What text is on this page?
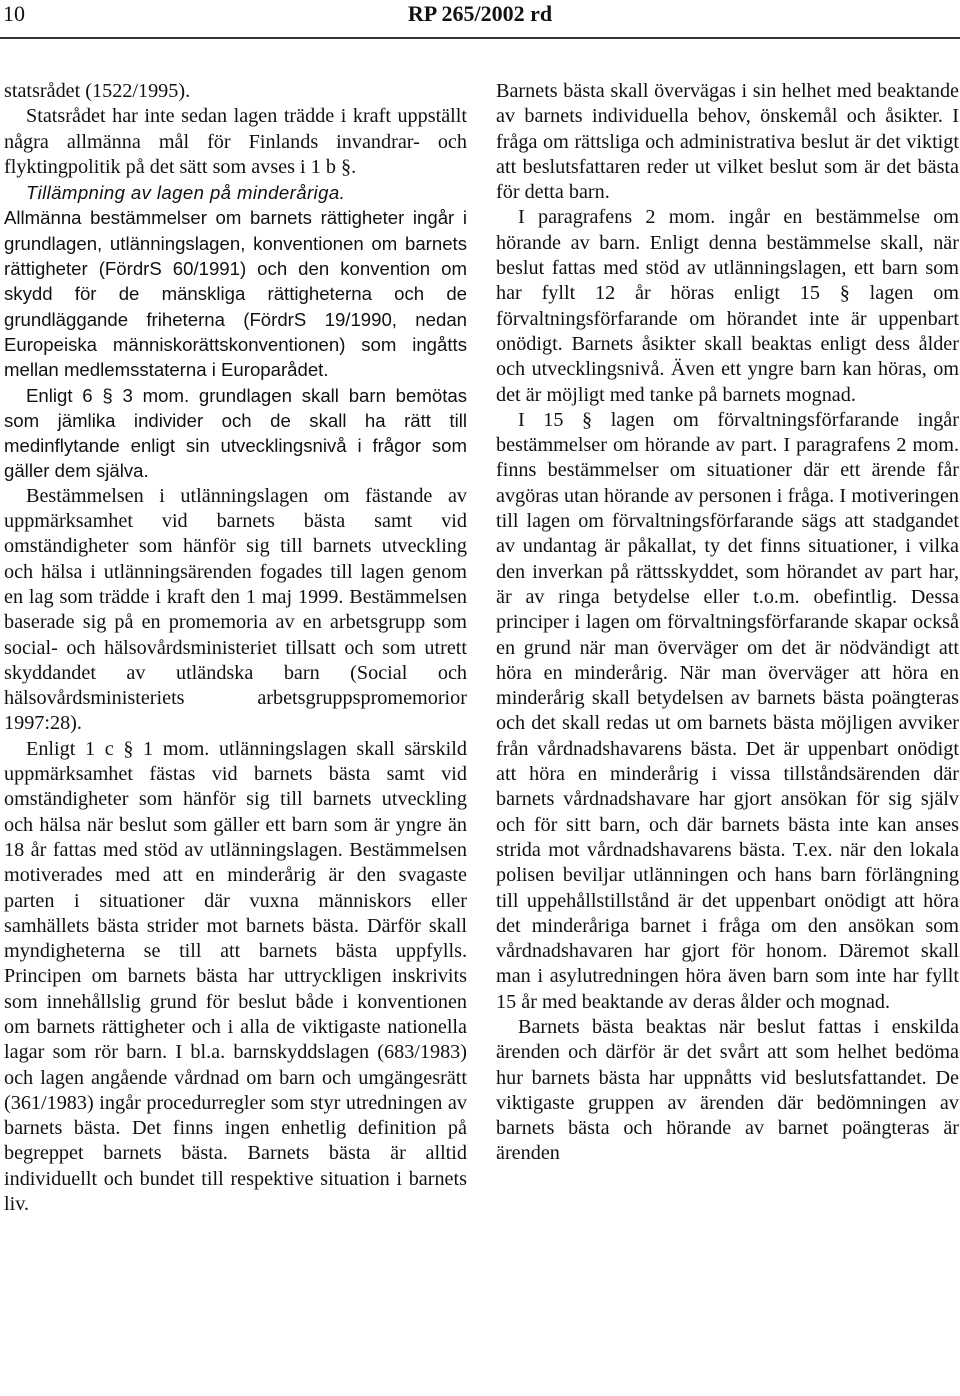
10	RP 265/2002 rd

statsrådet (1522/1995).

Statsrådet har inte sedan lagen trädde i kraft uppställt några allmänna mål för Finlands invandrar- och flyktingpolitik på det sätt som avses i 1 b §.

Tillämpning av lagen på minderåriga.

Allmänna bestämmelser om barnets rättigheter ingår i grundlagen, utlänningslagen, konventionen om barnets rättigheter (FördrS 60/1991) och den konvention om skydd för de mänskliga rättigheterna och de grundläggande friheterna (FördrS 19/1990, nedan Europeiska människorättskonventionen) som ingåtts mellan medlemsstaterna i Europarådet.

Enligt 6 § 3 mom. grundlagen skall barn bemötas som jämlika individer och de skall ha rätt till medinflytande enligt sin utvecklingsnivå i frågor som gäller dem själva.

Bestämmelsen i utlänningslagen om fästande av uppmärksamhet vid barnets bästa samt vid omständigheter som hänför sig till barnets utveckling och hälsa i utlänningsärenden fogades till lagen genom en lag som trädde i kraft den 1 maj 1999. Bestämmelsen baserade sig på en promemoria av en arbetsgrupp som social- och hälsovårdsministeriet tillsatt och som utrett skyddandet av utländska barn (Social och hälsovårdsministeriets arbetsgruppspromemorior 1997:28).

Enligt 1 c § 1 mom. utlänningslagen skall särskild uppmärksamhet fästas vid barnets bästa samt vid omständigheter som hänför sig till barnets utveckling och hälsa när beslut som gäller ett barn som är yngre än 18 år fattas med stöd av utlänningslagen. Bestämmelsen motiverades med att en minderårig är den svagaste parten i situationer där vuxna människors eller samhällets bästa strider mot barnets bästa. Därför skall myndigheterna se till att barnets bästa uppfylls. Principen om barnets bästa har uttryckligen inskrivits som innehållslig grund för beslut både i konventionen om barnets rättigheter och i alla de viktigaste nationella lagar som rör barn. I bl.a. barnskyddslagen (683/1983) och lagen angående vårdnad om barn och umgängesrätt (361/1983) ingår procedurregler som styr utredningen av barnets bästa. Det finns ingen enhetlig definition på begreppet barnets bästa. Barnets bästa är alltid individuellt och bundet till respektive situation i barnets liv.

Barnets bästa skall övervägas i sin helhet med beaktande av barnets individuella behov, önskemål och åsikter. I fråga om rättsliga och administrativa beslut är det viktigt att beslutsfattaren reder ut vilket beslut som är det bästa för detta barn.

I paragrafens 2 mom. ingår en bestämmelse om hörande av barn. Enligt denna bestämmelse skall, när beslut fattas med stöd av utlänningslagen, ett barn som har fyllt 12 år höras enligt 15 § lagen om förvaltningsförfarande om hörandet inte är uppenbart onödigt. Barnets åsikter skall beaktas enligt dess ålder och utvecklingsnivå. Även ett yngre barn kan höras, om det är möjligt med tanke på barnets mognad.

I 15 § lagen om förvaltningsförfarande ingår bestämmelser om hörande av part. I paragrafens 2 mom. finns bestämmelser om situationer där ett ärende får avgöras utan hörande av personen i fråga. I motiveringen till lagen om förvaltningsförfarande sägs att stadgandet av undantag är påkallat, ty det finns situationer, i vilka den inverkan på rättsskyddet, som hörandet av part har, är av ringa betydelse eller t.o.m. obefintlig. Dessa principer i lagen om förvaltningsförfarande skapar också en grund när man överväger om det är nödvändigt att höra en minderårig. När man överväger att höra en minderårig skall betydelsen av barnets bästa poängteras och det skall redas ut om barnets bästa möjligen avviker från vårdnadshavarens bästa. Det är uppenbart onödigt att höra en minderårig i vissa tillståndsärenden där barnets vårdnadshavare har gjort ansökan för sig själv och för sitt barn, och där barnets bästa inte kan anses strida mot vårdnadshavarens bästa. T.ex. när den lokala polisen beviljar utlänningen och hans barn förlängning till uppehållstillstånd är det uppenbart onödigt att höra det minderåriga barnet i fråga om den ansökan som vårdnadshavaren har gjort för honom. Däremot skall man i asylutredningen höra även barn som inte har fyllt 15 år med beaktande av deras ålder och mognad.

Barnets bästa beaktas när beslut fattas i enskilda ärenden och därför är det svårt att som helhet bedöma hur barnets bästa har uppnåtts vid beslutsfattandet. De viktigaste gruppen av ärenden där bedömningen av barnets bästa och hörande av barnet poängteras är ärenden
